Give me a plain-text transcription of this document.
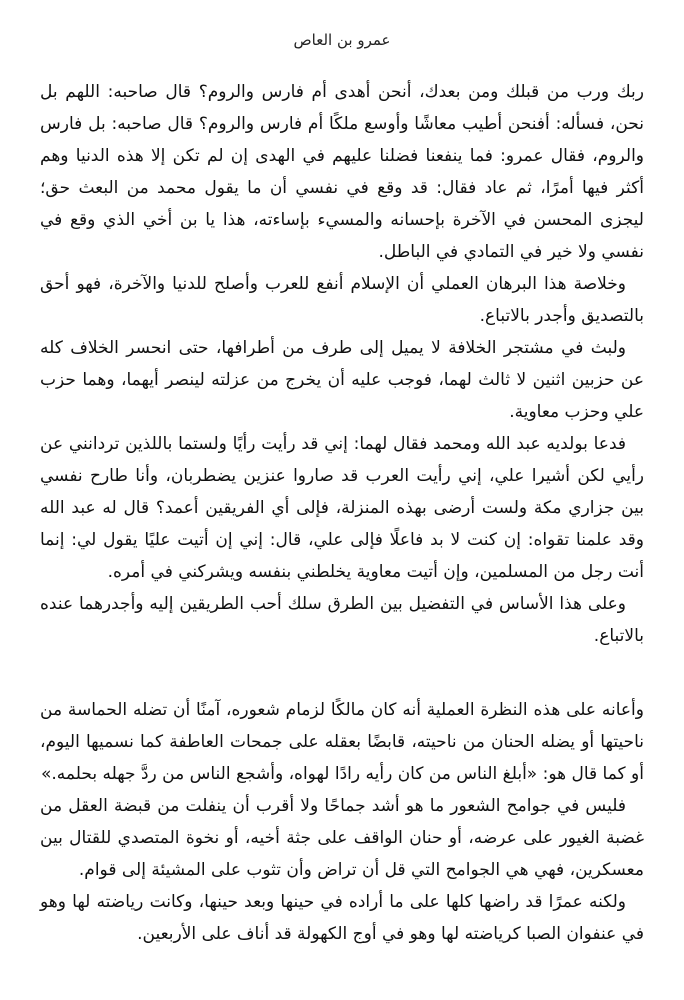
عمرو بن العاص

ربك ورب من قبلك ومن بعدك، أنحن أهدى أم فارس والروم؟ قال صاحبه: اللهم بل نحن، فسأله: أفنحن أطيب معاشًا وأوسع ملكًا أم فارس والروم؟ قال صاحبه: بل فارس والروم، فقال عمرو: فما ينفعنا فضلنا عليهم في الهدى إن لم تكن إلا هذه الدنيا وهم أكثر فيها أمرًا، ثم عاد فقال: قد وقع في نفسي أن ما يقول محمد من البعث حق؛ ليجزى المحسن في الآخرة بإحسانه والمسيء بإساءته، هذا يا بن أخي الذي وقع في نفسي ولا خير في التمادي في الباطل.

وخلاصة هذا البرهان العملي أن الإسلام أنفع للعرب وأصلح للدنيا والآخرة، فهو أحق بالتصديق وأجدر بالاتباع.

ولبث في مشتجر الخلافة لا يميل إلى طرف من أطرافها، حتى انحسر الخلاف كله عن حزبين اثنين لا ثالث لهما، فوجب عليه أن يخرج من عزلته لينصر أيهما، وهما حزب علي وحزب معاوية.

فدعا بولديه عبد الله ومحمد فقال لهما: إني قد رأيت رأيًا ولستما باللذين تردانني عن رأيي لكن أشيرا علي، إني رأيت العرب قد صاروا عنزين يضطربان، وأنا طارح نفسي بين جزاري مكة ولست أرضى بهذه المنزلة، فإلى أي الفريقين أعمد؟ قال له عبد الله وقد علمنا تقواه: إن كنت لا بد فاعلًا فإلى علي، قال: إني إن أتيت عليًا يقول لي: إنما أنت رجل من المسلمين، وإن أتيت معاوية يخلطني بنفسه ويشركني في أمره.

وعلى هذا الأساس في التفضيل بين الطرق سلك أحب الطريقين إليه وأجدرهما عنده بالاتباع.

وأعانه على هذه النظرة العملية أنه كان مالكًا لزمام شعوره، آمنًا أن تضله الحماسة من ناحيتها أو يضله الحنان من ناحيته، قابضًا بعقله على جمحات العاطفة كما نسميها اليوم، أو كما قال هو: «أبلغ الناس من كان رأيه رادًا لهواه، وأشجع الناس من ردَّ جهله بحلمه.»

فليس في جوامح الشعور ما هو أشد جماحًا ولا أقرب أن ينفلت من قبضة العقل من غضبة الغيور على عرضه، أو حنان الواقف على جثة أخيه، أو نخوة المتصدي للقتال بين معسكرين، فهي هي الجوامح التي قل أن تراض وأن تثوب على المشيئة إلى قوام.

ولكنه عمرًا قد راضها كلها على ما أراده في حينها وبعد حينها، وكانت رياضته لها وهو في عنفوان الصبا كرياضته لها وهو في أوج الكهولة قد أناف على الأربعين.
